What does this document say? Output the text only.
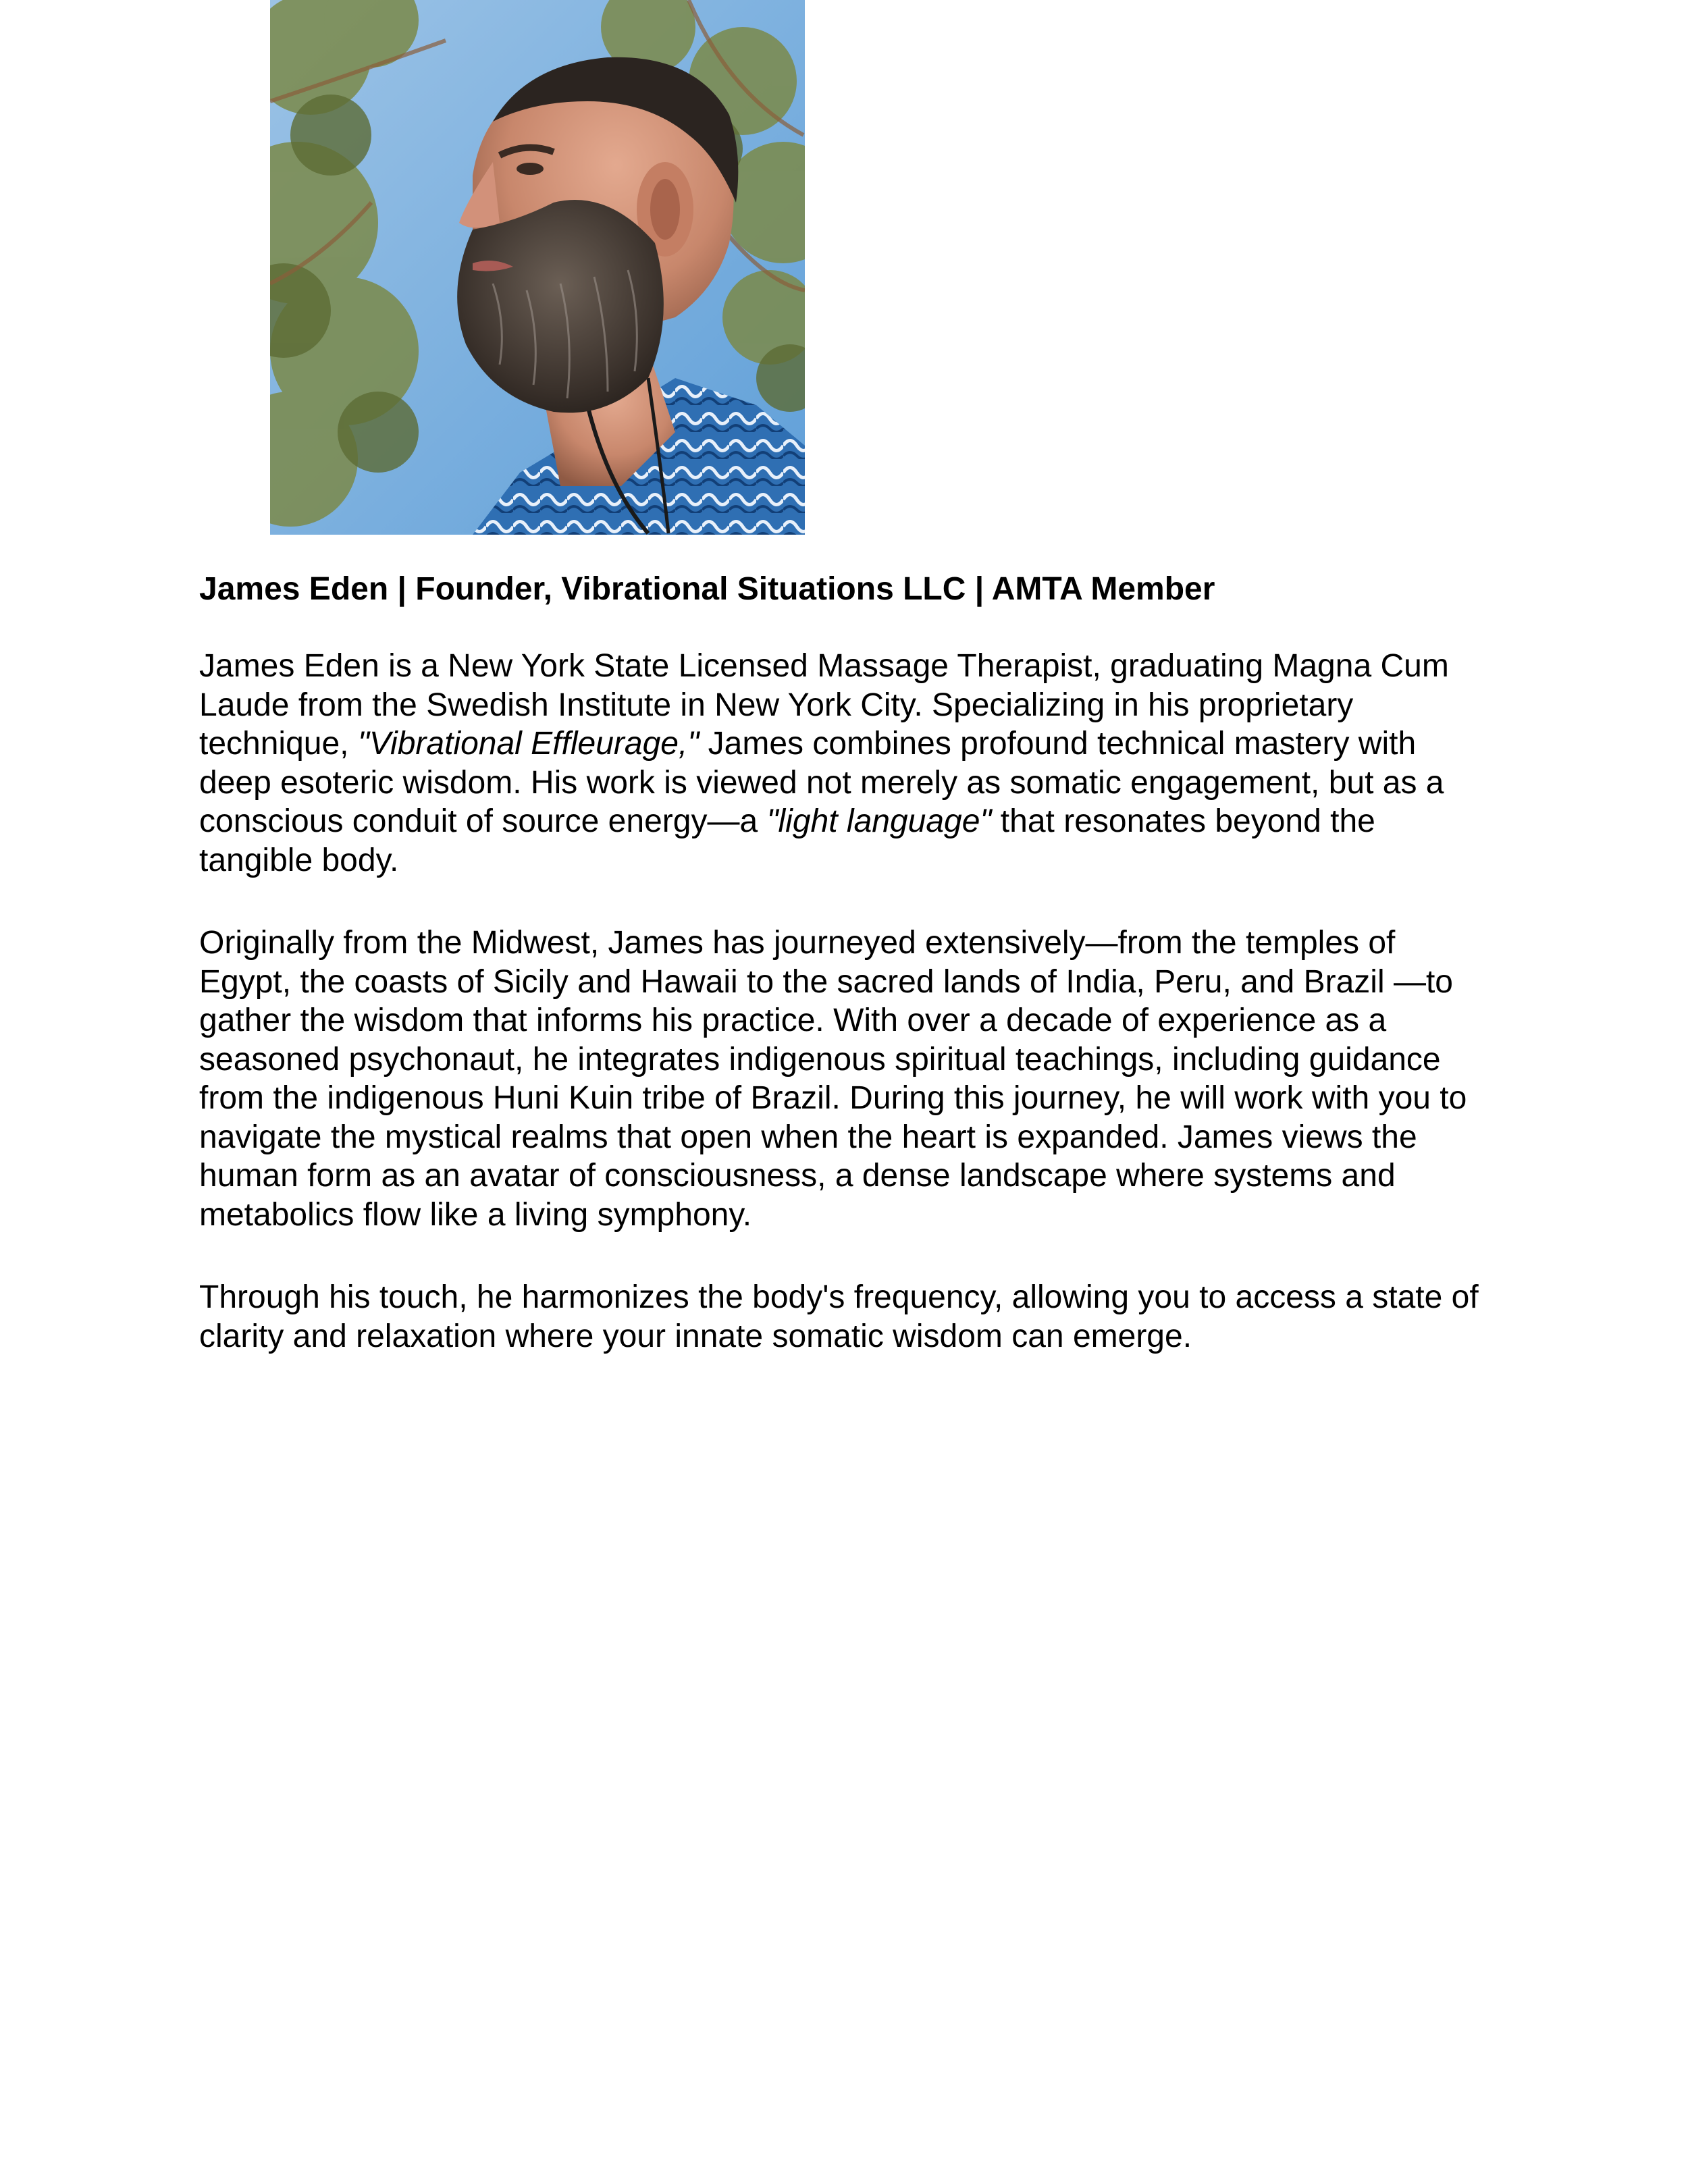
James Eden | Founder, Vibrational Situations LLC | AMTA Member

James Eden is a New York State Licensed Massage Therapist, graduating Magna Cum Laude from the Swedish Institute in New York City. Specializing in his proprietary technique, "Vibrational Effleurage," James combines profound technical mastery with deep esoteric wisdom. His work is viewed not merely as somatic engagement, but as a conscious conduit of source energy—a "light language" that resonates beyond the tangible body.

Originally from the Midwest, James has journeyed extensively—from the temples of Egypt, the coasts of Sicily and Hawaii to the sacred lands of India, Peru, and Brazil —to gather the wisdom that informs his practice. With over a decade of experience as a seasoned psychonaut, he integrates indigenous spiritual teachings, including guidance from the indigenous Huni Kuin tribe of Brazil. During this journey, he will work with you to navigate the mystical realms that open when the heart is expanded. James views the human form as an avatar of consciousness, a dense landscape where systems and metabolics flow like a living symphony.

Through his touch, he harmonizes the body's frequency, allowing you to access a state of clarity and relaxation where your innate somatic wisdom can emerge.
